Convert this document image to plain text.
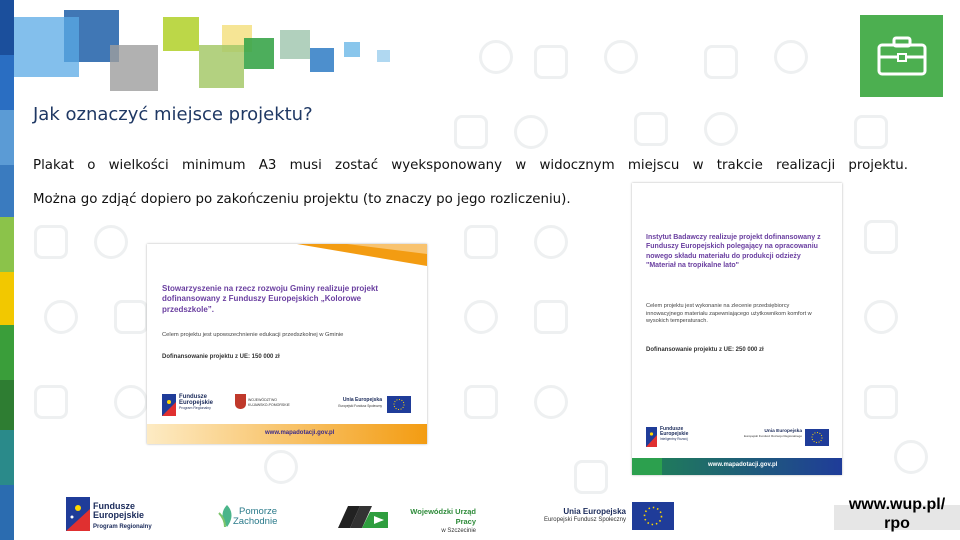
Jak oznaczyć miejsce projektu?
Plakat o wielkości minimum A3 musi zostać wyeksponowany w widocznym miejscu w trakcie realizacji projektu.
Można go zdjąć dopiero po zakończeniu projektu (to znaczy po jego rozliczeniu).
Stowarzyszenie na rzecz rozwoju Gminy realizuje projekt dofinansowany z Funduszy Europejskich „Kolorowe przedszkole”.
Celem projektu jest upowszechnienie edukacji przedszkolnej w Gminie
Dofinansowanie projektu z UE: 150 000 zł
Fundusze
Europejskie
Program Regionalny
WOJEWÓDZTWO
KUJAWSKO-POMORSKIE
Unia Europejska
Europejski Fundusz Społeczny
www.mapadotacji.gov.pl
Instytut Badawczy realizuje projekt dofinansowany z Funduszy Europejskich polegający na opracowaniu nowego składu materiału do produkcji odzieży "Materiał na tropikalne lato"
Celem projektu jest wykonanie na zlecenie przedsiębiorcy innowacyjnego materiału zapewniającego użytkownikom komfort w wysokich temperaturach.
Dofinansowanie projektu z UE: 250 000 zł
Fundusze
Europejskie
Inteligentny Rozwój
Unia Europejska
Europejski Fundusz Rozwoju Regionalnego
www.mapadotacji.gov.pl
Fundusze
Europejskie
Program Regionalny
Pomorze
Zachodnie
Wojewódzki Urząd Pracy
w Szczecinie
Unia Europejska
Europejski Fundusz Społeczny
www.wup.pl/
rpo
